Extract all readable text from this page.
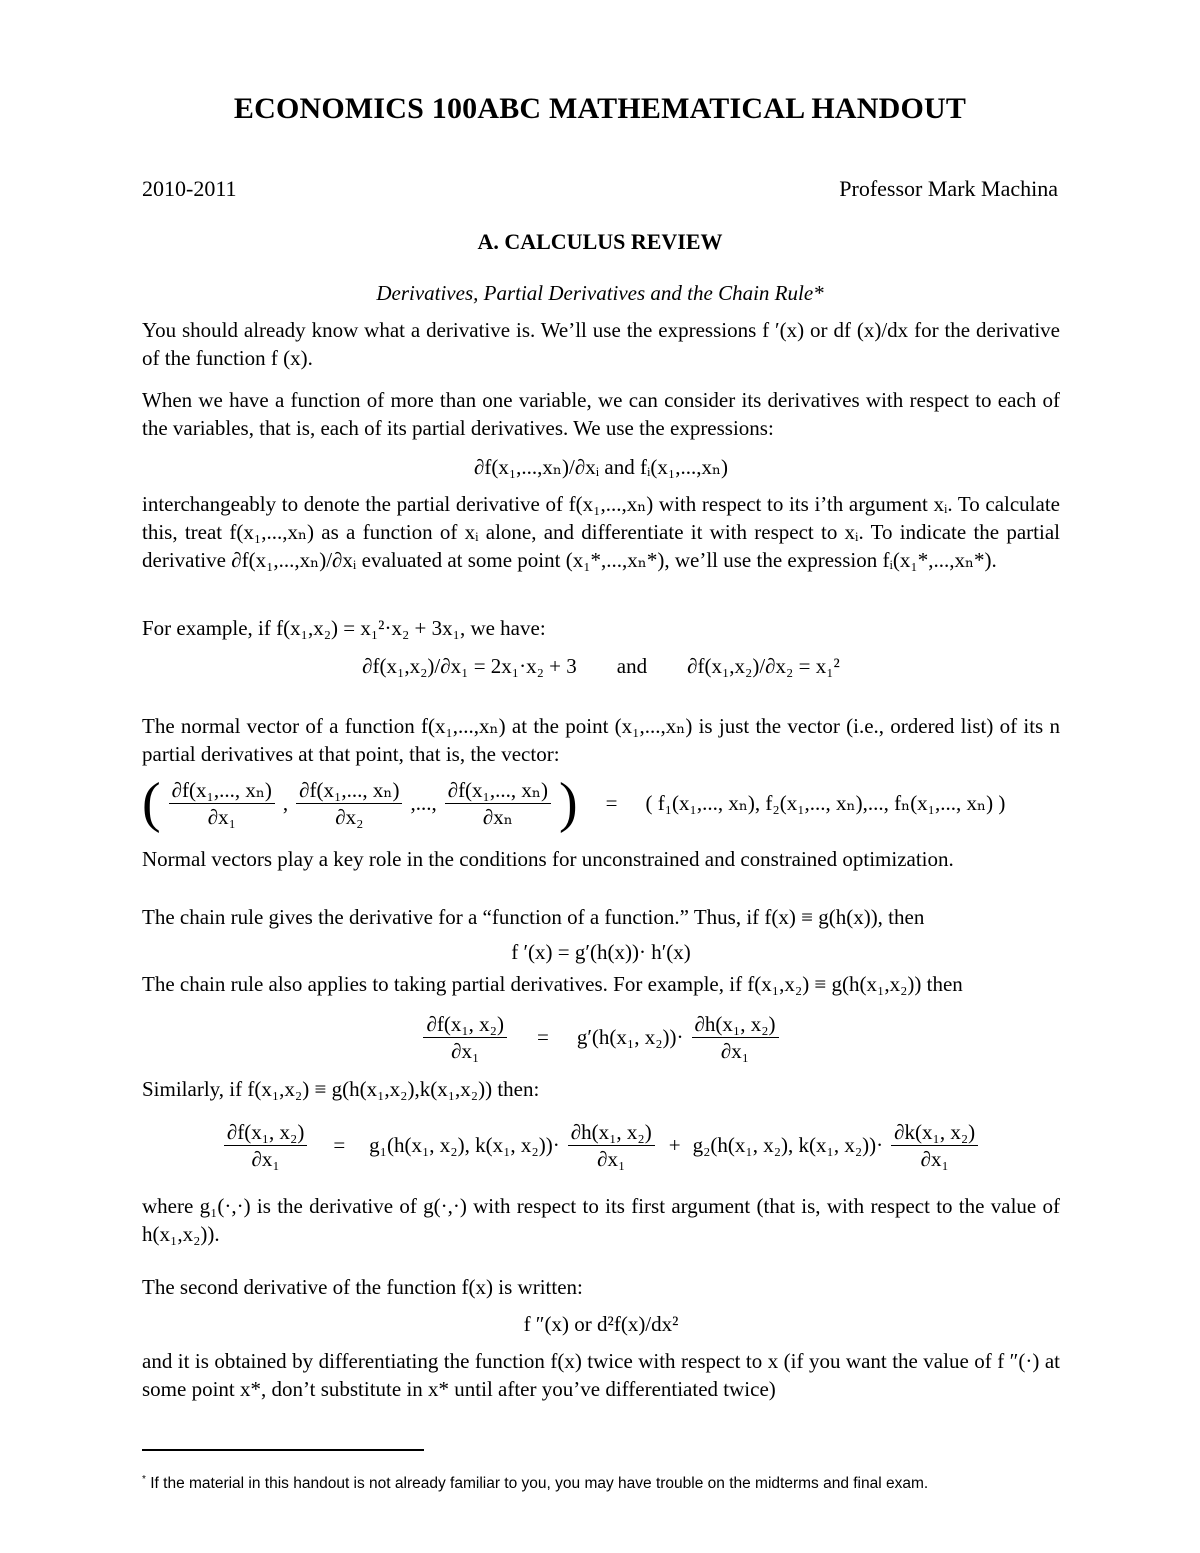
ECONOMICS 100ABC MATHEMATICAL HANDOUT
2010-2011	Professor Mark Machina
A. CALCULUS REVIEW
Derivatives, Partial Derivatives and the Chain Rule*
You should already know what a derivative is. We’ll use the expressions f ′(x) or df (x)/dx for the derivative of the function f (x).
When we have a function of more than one variable, we can consider its derivatives with respect to each of the variables, that is, each of its partial derivatives. We use the expressions:
∂f(x₁,...,xₙ)/∂xᵢ and fᵢ(x₁,...,xₙ)
interchangeably to denote the partial derivative of f(x₁,...,xₙ) with respect to its i’th argument xᵢ. To calculate this, treat f(x₁,...,xₙ) as a function of xᵢ alone, and differentiate it with respect to xᵢ. To indicate the partial derivative ∂f(x₁,...,xₙ)/∂xᵢ evaluated at some point (x₁*,...,xₙ*), we’ll use the expression fᵢ(x₁*,...,xₙ*).
For example, if f(x₁,x₂) = x₁²·x₂ + 3x₁, we have:
∂f(x₁,x₂)/∂x₁ = 2x₁·x₂ + 3 and ∂f(x₁,x₂)/∂x₂ = x₁²
The normal vector of a function f(x₁,...,xₙ) at the point (x₁,...,xₙ) is just the vector (i.e., ordered list) of its n partial derivatives at that point, that is, the vector:
( $\frac{\text{∂f(x₁,..., xₙ)}}{\text{∂x₁}}$ , $\frac{\text{∂f(x₁,..., xₙ)}}{\text{∂x₂}}$ ,..., $\frac{\text{∂f(x₁,..., xₙ)}}{\text{∂xₙ}}$ ) = ( f₁(x₁,..., xₙ), f₂(x₁,..., xₙ),..., fₙ(x₁,..., xₙ) )
Normal vectors play a key role in the conditions for unconstrained and constrained optimization.
The chain rule gives the derivative for a “function of a function.” Thus, if f(x) ≡ g(h(x)), then
f ′(x) = g′(h(x))· h′(x)
The chain rule also applies to taking partial derivatives. For example, if f(x₁,x₂) ≡ g(h(x₁,x₂)) then
$\frac{\text{∂f(x₁, x₂)}}{\text{∂x₁}} = g'(h(x_1$, $x_2))\cdot \frac{\text{∂h(x₁, x₂)}}{\text{∂x₁}}$
Similarly, if f(x₁,x₂) ≡ g(h(x₁,x₂),k(x₁,x₂)) then:
$\frac{\text{∂f(x₁, x₂)}}{\text{∂x₁}} = g_1(h(x_1$, x₂), k(x₁, $x_2))\cdot \frac{\text{∂h(x₁, x₂)}}{\text{∂x₁}} + g_2(h(x_1$, x₂), k(x₁, $x_2))\cdot \frac{\text{∂k(x₁, x₂)}}{\text{∂x₁}}$
where g₁(·,·) is the derivative of g(·,·) with respect to its first argument (that is, with respect to the value of h(x₁,x₂)).
The second derivative of the function f(x) is written:
f ″(x) or d²f(x)/dx²
and it is obtained by differentiating the function f(x) twice with respect to x (if you want the value of f ″(·) at some point x*, don’t substitute in x* until after you’ve differentiated twice)
* If the material in this handout is not already familiar to you, you may have trouble on the midterms and final exam.
